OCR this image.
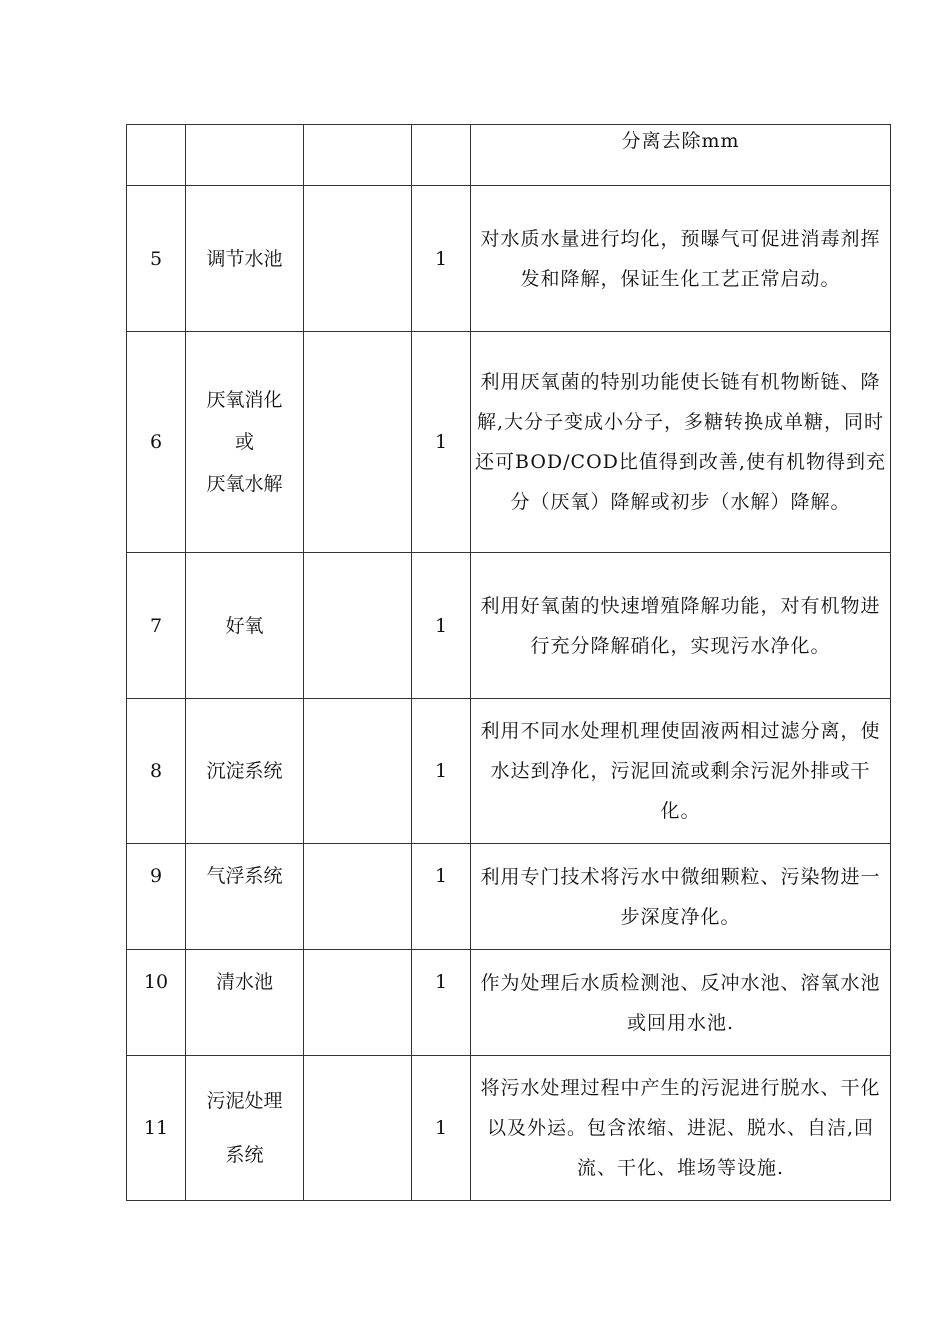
				分离去除mm
5	调节水池		1	对水质水量进行均化，预曝气可促进消毒剂挥发和降解，保证生化工艺正常启动。
6	厌氧消化
或
厌氧水解		1	利用厌氧菌的特别功能使长链有机物断链、降解,大分子变成小分子，多糖转换成单糖，同时还可BOD/COD比值得到改善,使有机物得到充分（厌氧）降解或初步（水解）降解。
7	好氧		1	利用好氧菌的快速增殖降解功能，对有机物进行充分降解硝化，实现污水净化。
8	沉淀系统		1	利用不同水处理机理使固液两相过滤分离，使水达到净化，污泥回流或剩余污泥外排或干化。
9	气浮系统		1	利用专门技术将污水中微细颗粒、污染物进一步深度净化。
10	清水池		1	作为处理后水质检测池、反冲水池、溶氧水池或回用水池.
11	污泥处理
系统		1	将污水处理过程中产生的污泥进行脱水、干化以及外运。包含浓缩、进泥、脱水、自洁,回流、干化、堆场等设施.
